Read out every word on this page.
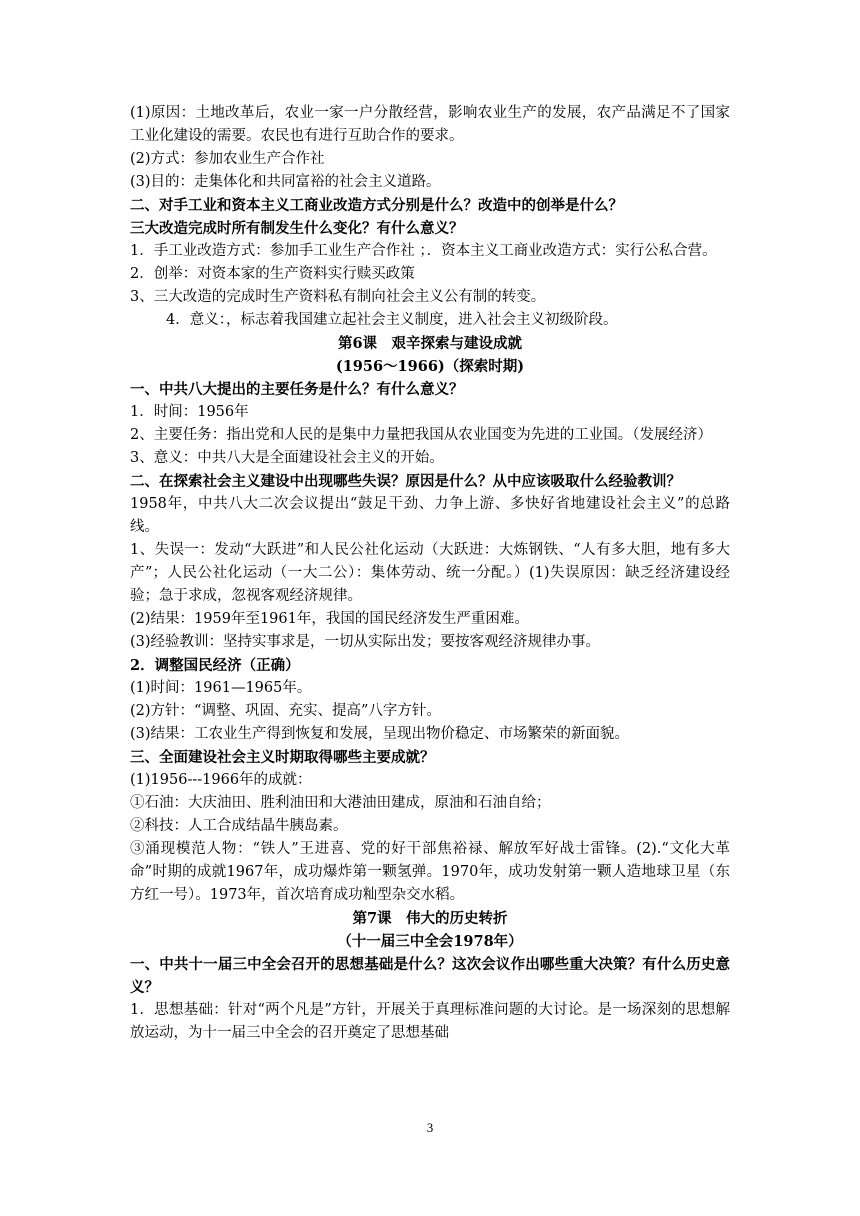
(1)原因：土地改革后，农业一家一户分散经营，影响农业生产的发展，农产品满足不了国家工业化建设的需要。农民也有进行互助合作的要求。

(2)方式：参加农业生产合作社

(3)目的：走集体化和共同富裕的社会主义道路。

二、对手工业和资本主义工商业改造方式分别是什么？改造中的创举是什么？

三大改造完成时所有制发生什么变化？有什么意义？

1．手工业改造方式：参加手工业生产合作社 ；．资本主义工商业改造方式：实行公私合营。

2．创举：对资本家的生产资料实行赎买政策

3、三大改造的完成时生产资料私有制向社会主义公有制的转变。

4．意义：，标志着我国建立起社会主义制度，进入社会主义初级阶段。

第6课　艰辛探索与建设成就

(1956～1966)（探索时期)

一、中共八大提出的主要任务是什么？有什么意义？

1．时间：1956年

2、主要任务：指出党和人民的是集中力量把我国从农业国变为先进的工业国。（发展经济）

3、意义：中共八大是全面建设社会主义的开始。

二、在探索社会主义建设中出现哪些失误？原因是什么？从中应该吸取什么经验教训？

1958年，中共八大二次会议提出“鼓足干劲、力争上游、多快好省地建设社会主义”的总路线。

1、失误一：发动“大跃进”和人民公社化运动（大跃进：大炼钢铁、“人有多大胆，地有多大产”；人民公社化运动（一大二公）：集体劳动、统一分配。）(1)失误原因：缺乏经济建设经验；急于求成，忽视客观经济规律。

(2)结果：1959年至1961年，我国的国民经济发生严重困难。

(3)经验教训：坚持实事求是，一切从实际出发；要按客观经济规律办事。

2．调整国民经济（正确）

(1)时间：1961—1965年。

(2)方针：“调整、巩固、充实、提高”八字方针。

(3)结果：工农业生产得到恢复和发展，呈现出物价稳定、市场繁荣的新面貌。

三、全面建设社会主义时期取得哪些主要成就？

(1)1956---1966年的成就：

①石油：大庆油田、胜利油田和大港油田建成，原油和石油自给；

②科技：人工合成结晶牛胰岛素。

③涌现模范人物：“铁人”王进喜、党的好干部焦裕禄、解放军好战士雷锋。(2).“文化大革命”时期的成就1967年，成功爆炸第一颗氢弹。1970年，成功发射第一颗人造地球卫星（东方红一号）。1973年，首次培育成功籼型杂交水稻。

第7课　伟大的历史转折

（十一届三中全会1978年）

一、中共十一届三中全会召开的思想基础是什么？这次会议作出哪些重大决策？有什么历史意义？

1．思想基础：针对“两个凡是”方针，开展关于真理标准问题的大讨论。是一场深刻的思想解放运动，为十一届三中全会的召开奠定了思想基础

3
